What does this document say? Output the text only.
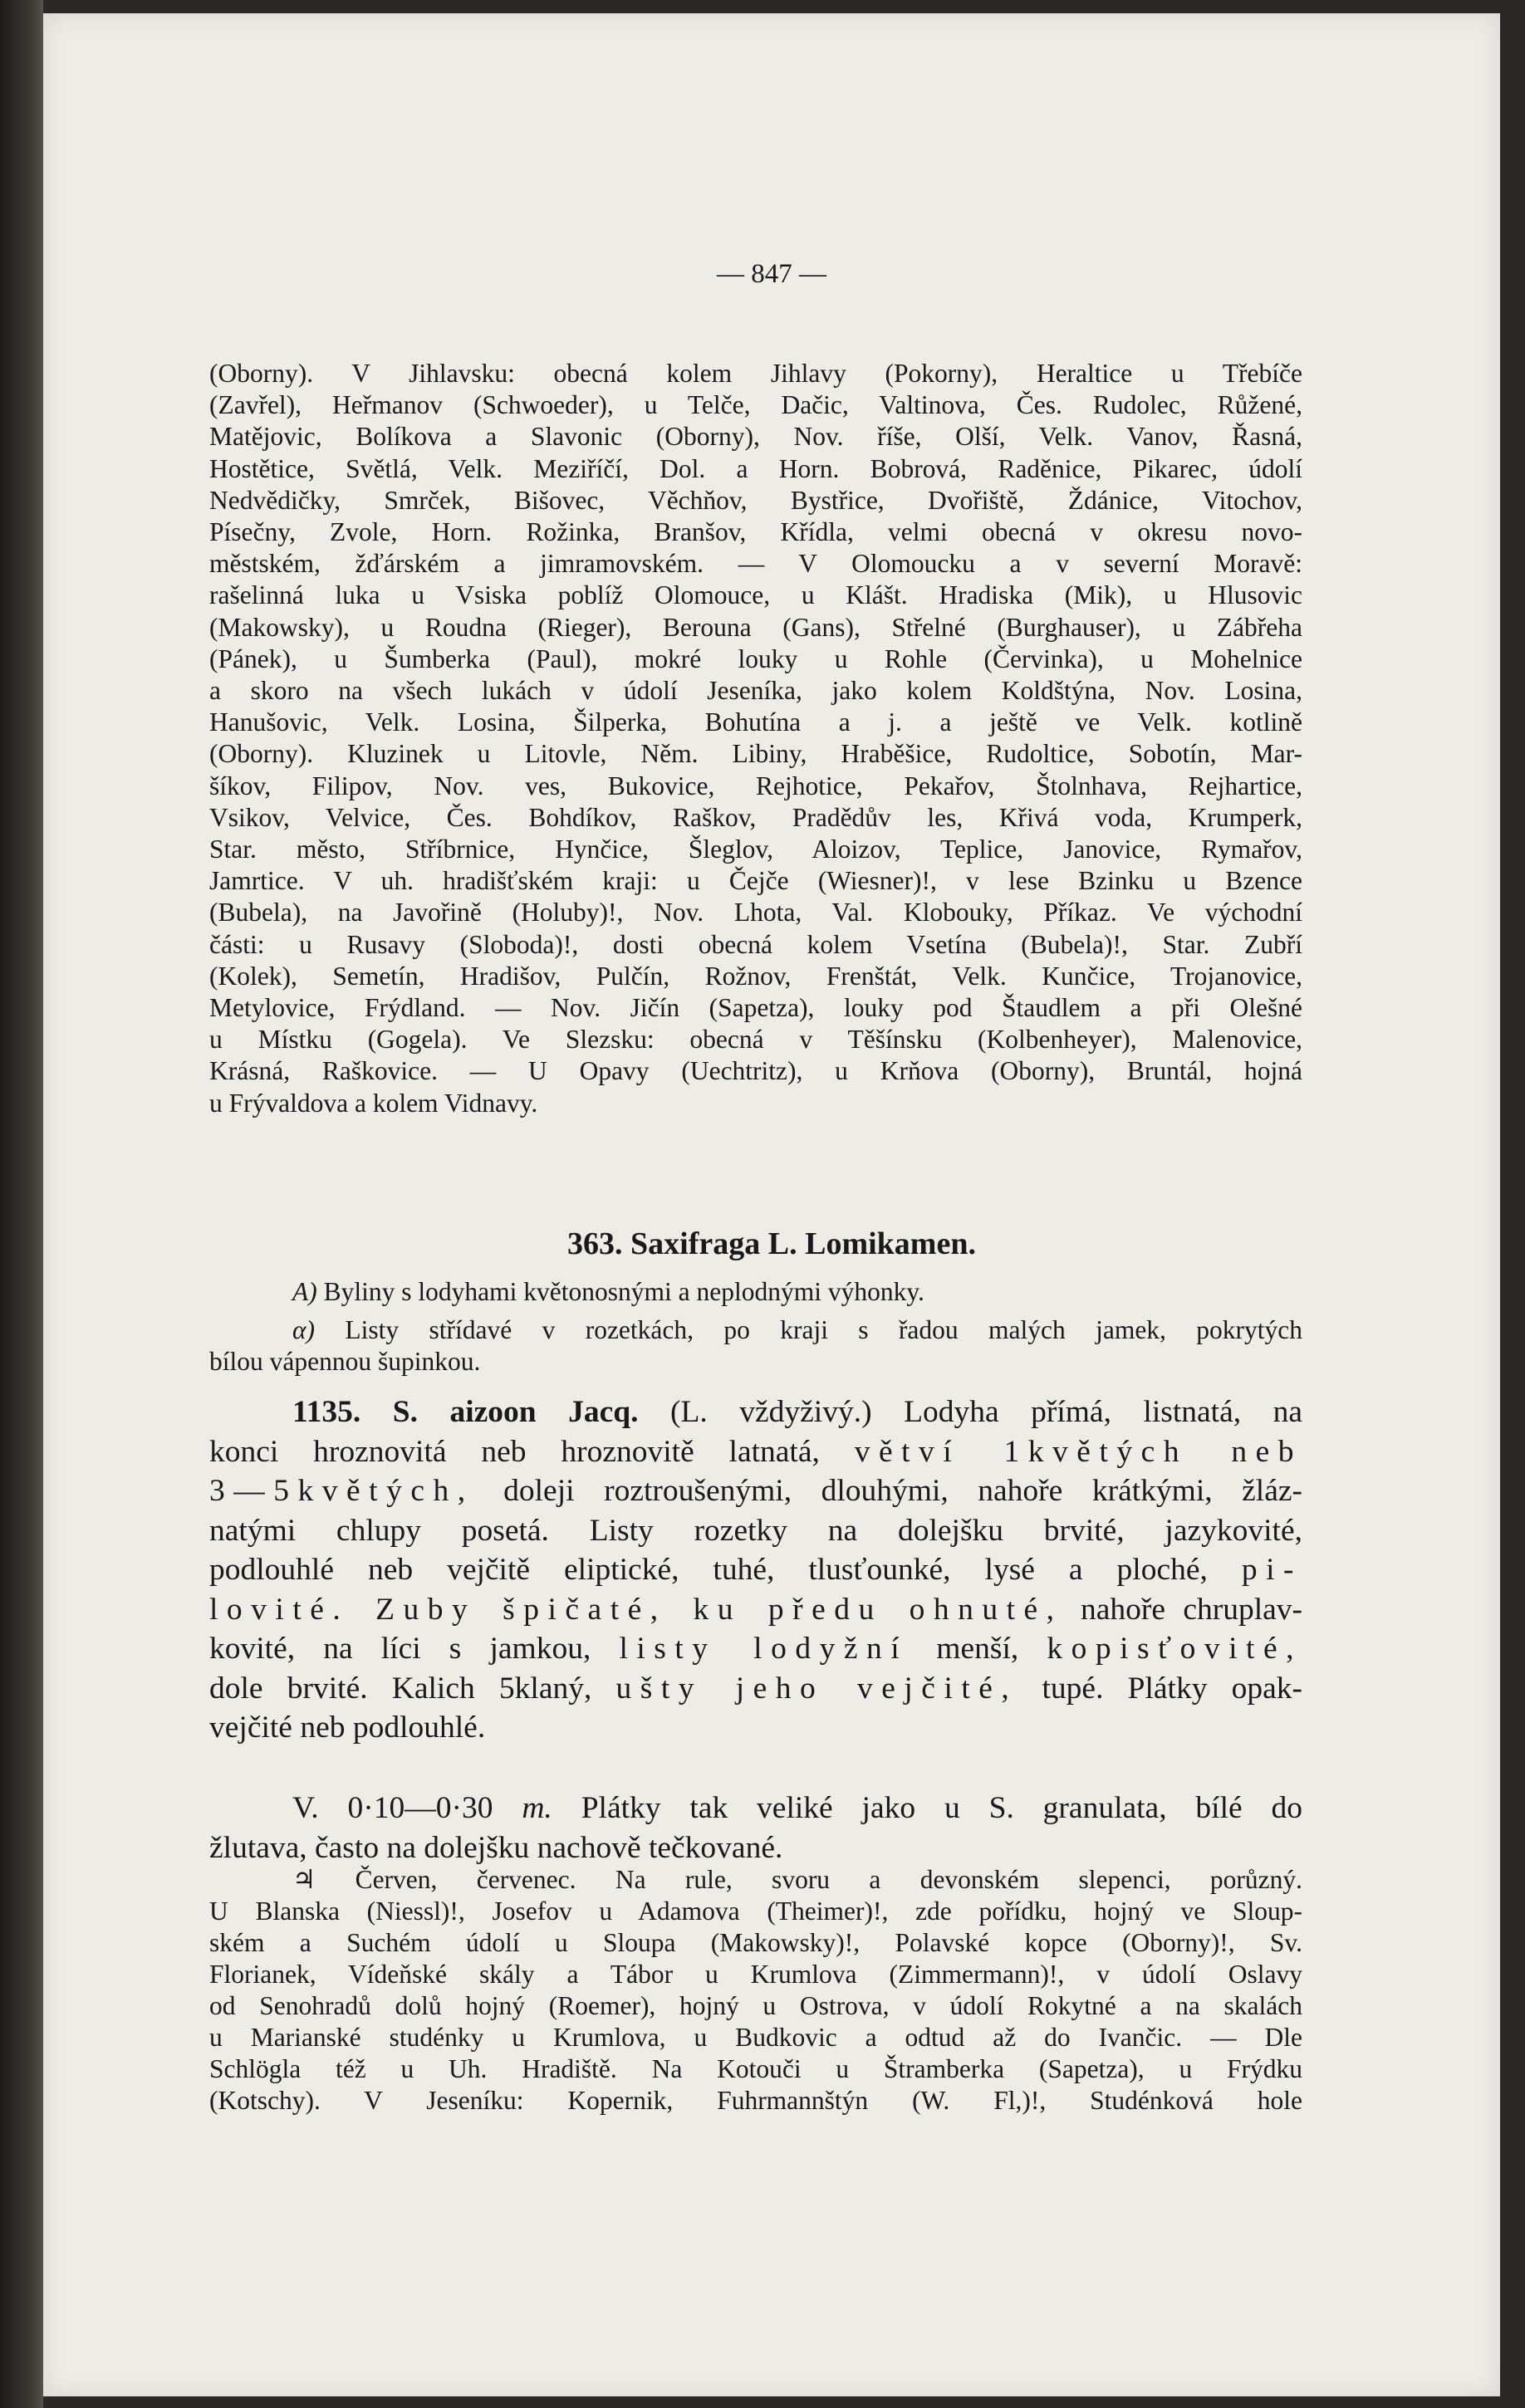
— 847 —
(Oborny). V Jihlavsku: obecná kolem Jihlavy (Pokorny), Heraltice u Třebíče
(Zavřel), Heřmanov (Schwoeder), u Telče, Dačic, Valtinova, Čes. Rudolec, Růžené,
Matějovic, Bolíkova a Slavonic (Oborny), Nov. říše, Olší, Velk. Vanov, Řasná,
Hostětice, Světlá, Velk. Meziříčí, Dol. a Horn. Bobrová, Raděnice, Pikarec, údolí
Nedvědičky, Smrček, Bišovec, Věchňov, Bystřice, Dvořiště, Ždánice, Vitochov,
Písečny, Zvole, Horn. Rožinka, Branšov, Křídla, velmi obecná v okresu novo-
městském, žďárském a jimramovském. — V Olomoucku a v severní Moravě:
rašelinná luka u Vsiska poblíž Olomouce, u Klášt. Hradiska (Mik), u Hlusovic
(Makowsky), u Roudna (Rieger), Berouna (Gans), Střelné (Burghauser), u Zábřeha
(Pánek), u Šumberka (Paul), mokré louky u Rohle (Červinka), u Mohelnice
a skoro na všech lukách v údolí Jeseníka, jako kolem Koldštýna, Nov. Losina,
Hanušovic, Velk. Losina, Šilperka, Bohutína a j. a ještě ve Velk. kotlině
(Oborny). Kluzinek u Litovle, Něm. Libiny, Hraběšice, Rudoltice, Sobotín, Mar-
šíkov, Filipov, Nov. ves, Bukovice, Rejhotice, Pekařov, Štolnhava, Rejhartice,
Vsikov, Velvice, Čes. Bohdíkov, Raškov, Pradědův les, Křivá voda, Krumperk,
Star. město, Stříbrnice, Hynčice, Šleglov, Aloizov, Teplice, Janovice, Rymařov,
Jamrtice. V uh. hradišťském kraji: u Čejče (Wiesner)!, v lese Bzinku u Bzence
(Bubela), na Javořině (Holuby)!, Nov. Lhota, Val. Klobouky, Příkaz. Ve východní
části: u Rusavy (Sloboda)!, dosti obecná kolem Vsetína (Bubela)!, Star. Zubří
(Kolek), Semetín, Hradišov, Pulčín, Rožnov, Frenštát, Velk. Kunčice, Trojanovice,
Metylovice, Frýdland. — Nov. Jičín (Sapetza), louky pod Štaudlem a při Olešné
u Místku (Gogela). Ve Slezsku: obecná v Těšínsku (Kolbenheyer), Malenovice,
Krásná, Raškovice. — U Opavy (Uechtritz), u Krňova (Oborny), Bruntál, hojná
u Frývaldova a kolem Vidnavy.
363. Saxifraga L. Lomikamen.
A) Byliny s lodyhami květonosnými a neplodnými výhonky.
α) Listy střídavé v rozetkách, po kraji s řadou malých jamek, pokrytých
bílou vápennou šupinkou.
1135. S. aizoon Jacq. (L. vždyživý.) Lodyha přímá, listnatá, na
konci hroznovitá neb hroznovitě latnatá, větví 1květých neb
3—5květých, doleji roztroušenými, dlouhými, nahoře krátkými, žláz-
natými chlupy posetá. Listy rozetky na dolejšku brvité, jazykovité,
podlouhlé neb vejčitě eliptické, tuhé, tlusťounké, lysé a ploché, pi-
lovité. Zuby špičaté, ku předu ohnuté, nahoře chruplav-
kovité, na líci s jamkou, listy lodyžní menší, kopisťovité,
dole brvité. Kalich 5klaný, ušty jeho vejčité, tupé. Plátky opak-
vejčité neb podlouhlé.
V. 0·10—0·30 m. Plátky tak veliké jako u S. granulata, bílé do
žlutava, často na dolejšku nachově tečkované.
♃ Červen, červenec. Na rule, svoru a devonském slepenci, porůzný.
U Blanska (Niessl)!, Josefov u Adamova (Theimer)!, zde pořídku, hojný ve Sloup-
ském a Suchém údolí u Sloupa (Makowsky)!, Polavské kopce (Oborny)!, Sv.
Florianek, Vídeňské skály a Tábor u Krumlova (Zimmermann)!, v údolí Oslavy
od Senohradů dolů hojný (Roemer), hojný u Ostrova, v údolí Rokytné a na skalách
u Marianské studénky u Krumlova, u Budkovic a odtud až do Ivančic. — Dle
Schlögla též u Uh. Hradiště. Na Kotouči u Štramberka (Sapetza), u Frýdku
(Kotschy). V Jeseníku: Kopernik, Fuhrmannštýn (W. Fl,)!, Studénková hole
